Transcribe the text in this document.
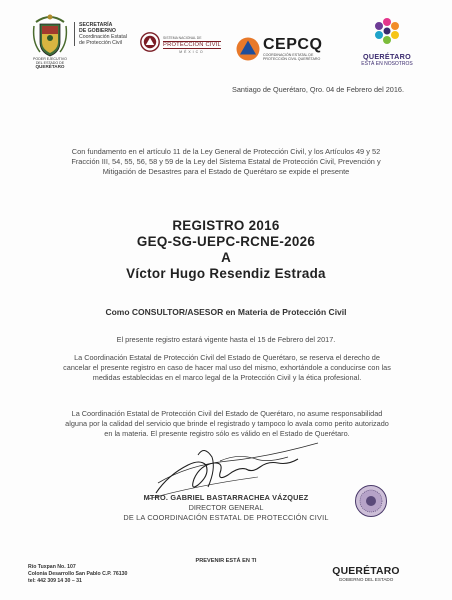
PODER EJECUTIVO
DEL ESTADO DE
QUERÉTARO
SECRETARÍA
DE GOBIERNO
Coordinación Estatal
de Protección Civil
SISTEMA NACIONAL DE
PROTECCIÓN CIVIL
MÉXICO	CEPCQ
COORDINACIÓN ESTATAL DE PROTECCIÓN CIVIL QUERÉTARO	QUERÉTARO
ESTÁ EN NOSOTROS
Santiago de Querétaro, Qro. 04 de Febrero del 2016.
Con fundamento en el artículo 11 de la Ley General de Protección Civil, y los Artículos 49 y 52 Fracción III, 54, 55, 56, 58 y 59 de la Ley del Sistema Estatal de Protección Civil, Prevención y Mitigación de Desastres para el Estado de Querétaro se expide el presente
REGISTRO 2016
GEQ-SG-UEPC-RCNE-2026
A
Víctor Hugo Resendiz Estrada
Como CONSULTOR/ASESOR en Materia de Protección Civil
El presente registro estará vigente hasta el 15 de Febrero del 2017.
La Coordinación Estatal de Protección Civil del Estado de Querétaro, se reserva el derecho de cancelar el presente registro en caso de hacer mal uso del mismo, exhortándole a conducirse con las medidas establecidas en el marco legal de la Protección Civil y la ética profesional.
La Coordinación Estatal de Protección Civil del Estado de Querétaro, no asume responsabilidad alguna por la calidad del servicio que brinde el registrado y tampoco lo avala como perito autorizado en la materia. El presente registro sólo es válido en el Estado de Querétaro.
MTRO. GABRIEL BASTARRACHEA VÁZQUEZ
DIRECTOR GENERAL
DE LA COORDINACIÓN ESTATAL DE PROTECCIÓN CIVIL
PREVENIR ESTÁ EN TI
Río Tuxpan No. 107
Colonia Desarrollo San Pablo C.P. 76130
tel: 442 309 14 30 – 31
QUERÉTARO
GOBIERNO DEL ESTADO
